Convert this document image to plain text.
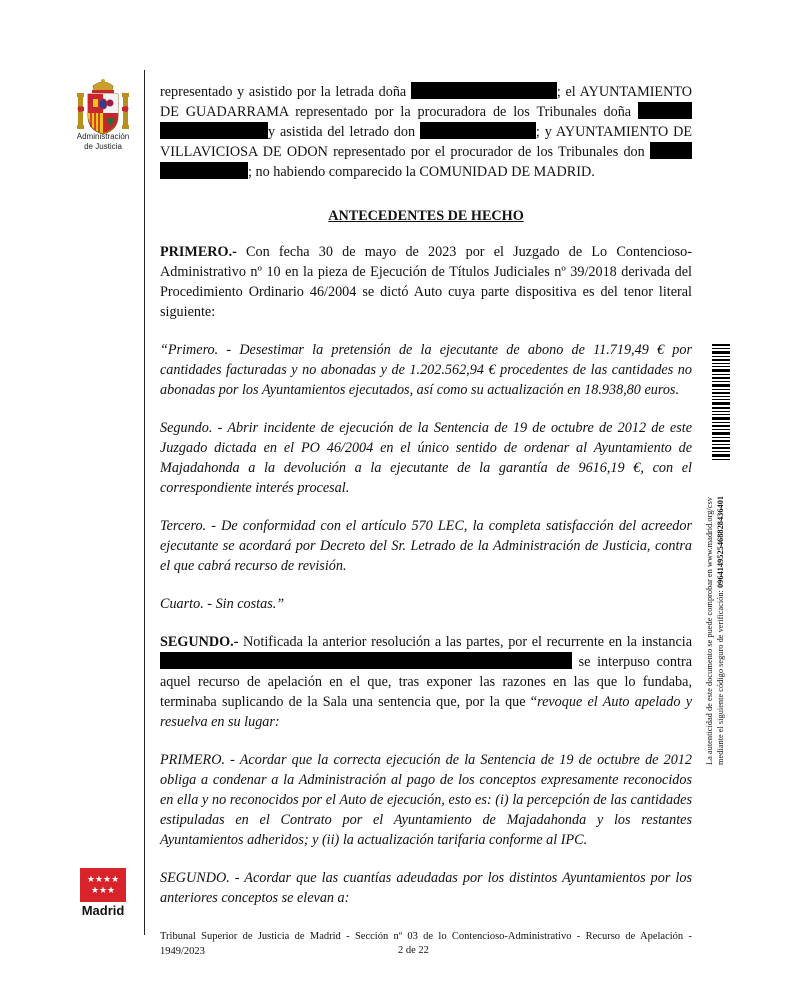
Administración
de Justicia
★★★★
★★★
Madrid

representado y asistido por la letrada doña	; el AYUNTAMIENTO DE GUADARRAMA representado por la procuradora de los Tribunales doña  y asistida del letrado don	; y AYUNTAMIENTO DE VILLAVICIOSA DE ODON representado por el procurador de los Tribunales don  ; no habiendo comparecido la COMUNIDAD DE MADRID.

ANTECEDENTES DE HECHO

PRIMERO.- Con fecha 30 de mayo de 2023 por el Juzgado de Lo Contencioso-Administrativo nº 10 en la pieza de Ejecución de Títulos Judiciales nº 39/2018 derivada del Procedimiento Ordinario 46/2004 se dictó Auto cuya parte dispositiva es del tenor literal siguiente:

“Primero. - Desestimar la pretensión de la ejecutante de abono de 11.719,49 € por cantidades facturadas y no abonadas y de 1.202.562,94 € procedentes de las cantidades no abonadas por los Ayuntamientos ejecutados, así como su actualización en 18.938,80 euros.

Segundo. - Abrir incidente de ejecución de la Sentencia de 19 de octubre de 2012 de este Juzgado dictada en el PO 46/2004 en el único sentido de ordenar al Ayuntamiento de Majadahonda a la devolución a la ejecutante de la garantía de 9616,19 €, con el correspondiente interés procesal.

Tercero. - De conformidad con el artículo 570 LEC, la completa satisfacción del acreedor ejecutante se acordará por Decreto del Sr. Letrado de la Administración de Justicia, contra el que cabrá recurso de revisión.

Cuarto. - Sin costas.”

SEGUNDO.- Notificada la anterior resolución a las partes, por el recurrente en la instancia  se interpuso contra aquel recurso de apelación en el que, tras exponer las razones en las que lo fundaba, terminaba suplicando de la Sala una sentencia que, por la que “revoque el Auto apelado y resuelva en su lugar:

PRIMERO. - Acordar que la correcta ejecución de la Sentencia de 19 de octubre de 2012 obliga a condenar a la Administración al pago de los conceptos expresamente reconocidos en ella y no reconocidos por el Auto de ejecución, esto es: (i) la percepción de las cantidades estipuladas en el Contrato por el Ayuntamiento de Majadahonda y los restantes Ayuntamientos adheridos; y (ii) la actualización tarifaria conforme al IPC.

SEGUNDO. - Acordar que las cuantías adeudadas por los distintos Ayuntamientos por los anteriores conceptos se elevan a:

La autenticidad de este documento se puede comprobar en www.madrid.org/csv mediante el siguiente código seguro de verificación: 0964149525468828436401
Tribunal Superior de Justicia de Madrid - Sección nº 03 de lo Contencioso-Administrativo - Recurso de Apelación - 1949/2023	2 de 22
